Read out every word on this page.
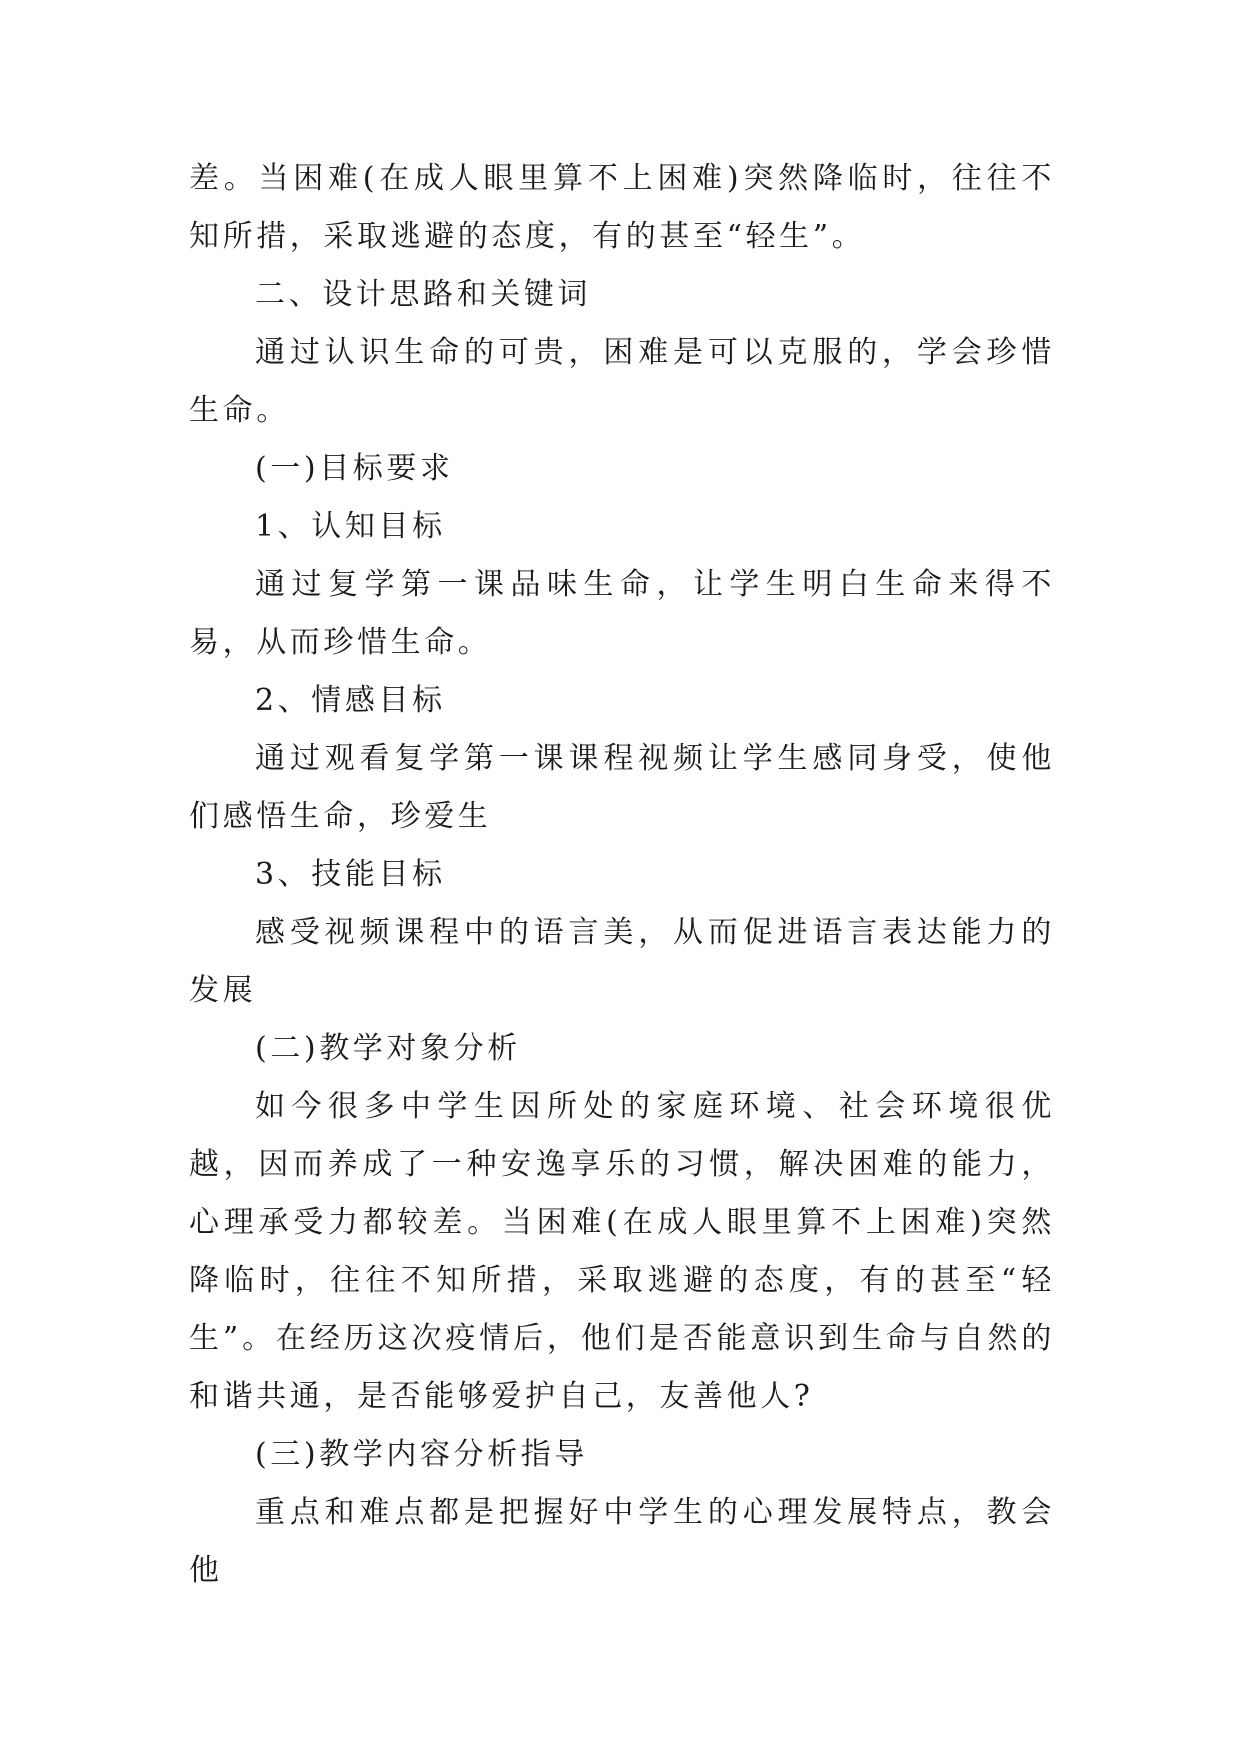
差。当困难(在成人眼里算不上困难)突然降临时，往往不知所措，采取逃避的态度，有的甚至“轻生”。

二、设计思路和关键词

通过认识生命的可贵，困难是可以克服的，学会珍惜生命。

(一)目标要求

1、认知目标

通过复学第一课品味生命，让学生明白生命来得不易，从而珍惜生命。

2、情感目标

通过观看复学第一课课程视频让学生感同身受，使他们感悟生命，珍爱生

3、技能目标

感受视频课程中的语言美，从而促进语言表达能力的发展

(二)教学对象分析

如今很多中学生因所处的家庭环境、社会环境很优越，因而养成了一种安逸享乐的习惯，解决困难的能力，心理承受力都较差。当困难(在成人眼里算不上困难)突然降临时，往往不知所措，采取逃避的态度，有的甚至“轻生”。在经历这次疫情后，他们是否能意识到生命与自然的和谐共通，是否能够爱护自己，友善他人?

(三)教学内容分析指导

重点和难点都是把握好中学生的心理发展特点，教会他
